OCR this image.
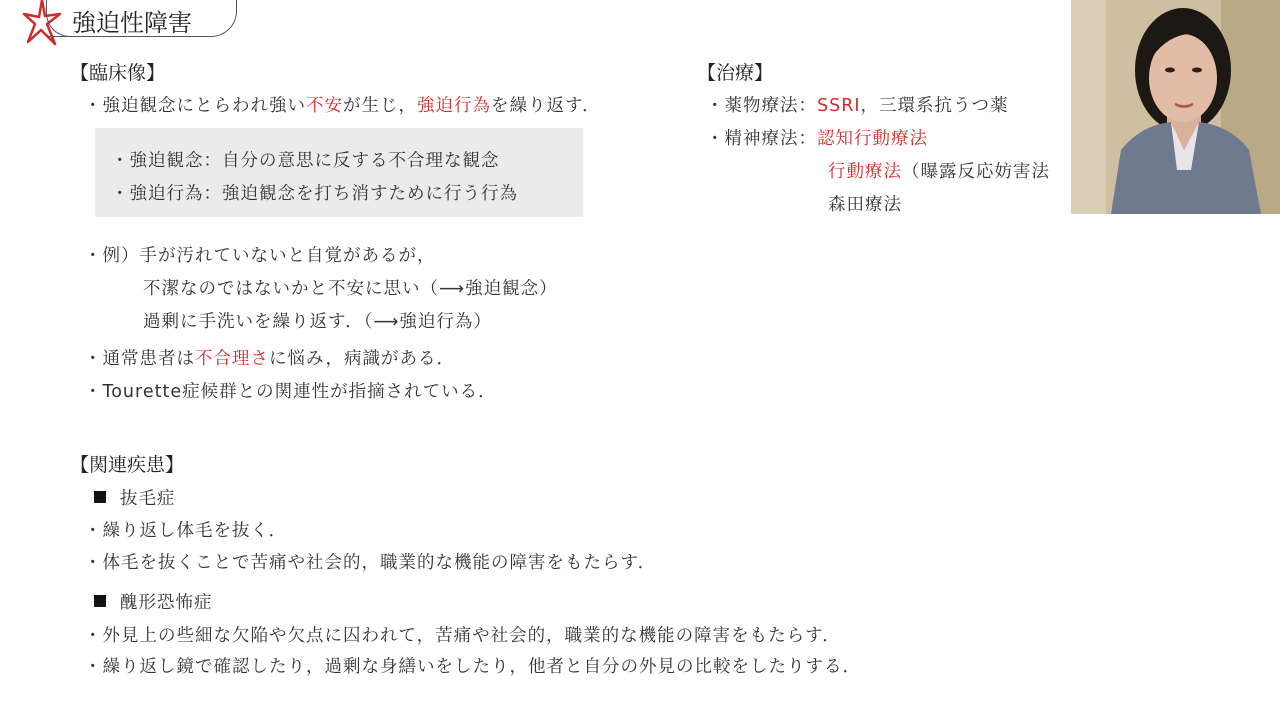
強迫性障害
【臨床像】
・強迫観念にとらわれ強い不安が生じ，強迫行為を繰り返す．
・強迫観念：自分の意思に反する不合理な観念
・強迫行為：強迫観念を打ち消すために行う行為
・例）手が汚れていないと自覚があるが，
不潔なのではないかと不安に思い（⟶強迫観念）
過剰に手洗いを繰り返す．（⟶強迫行為）
・通常患者は不合理さに悩み，病識がある．
・Tourette症候群との関連性が指摘されている．
【治療】
・薬物療法：SSRI，三環系抗うつ薬
・精神療法：認知行動療法
行動療法（曝露反応妨害法
森田療法
【関連疾患】
抜毛症
・繰り返し体毛を抜く．
・体毛を抜くことで苦痛や社会的，職業的な機能の障害をもたらす．
醜形恐怖症
・外見上の些細な欠陥や欠点に囚われて，苦痛や社会的，職業的な機能の障害をもたらす．
・繰り返し鏡で確認したり，過剰な身繕いをしたり，他者と自分の外見の比較をしたりする．
